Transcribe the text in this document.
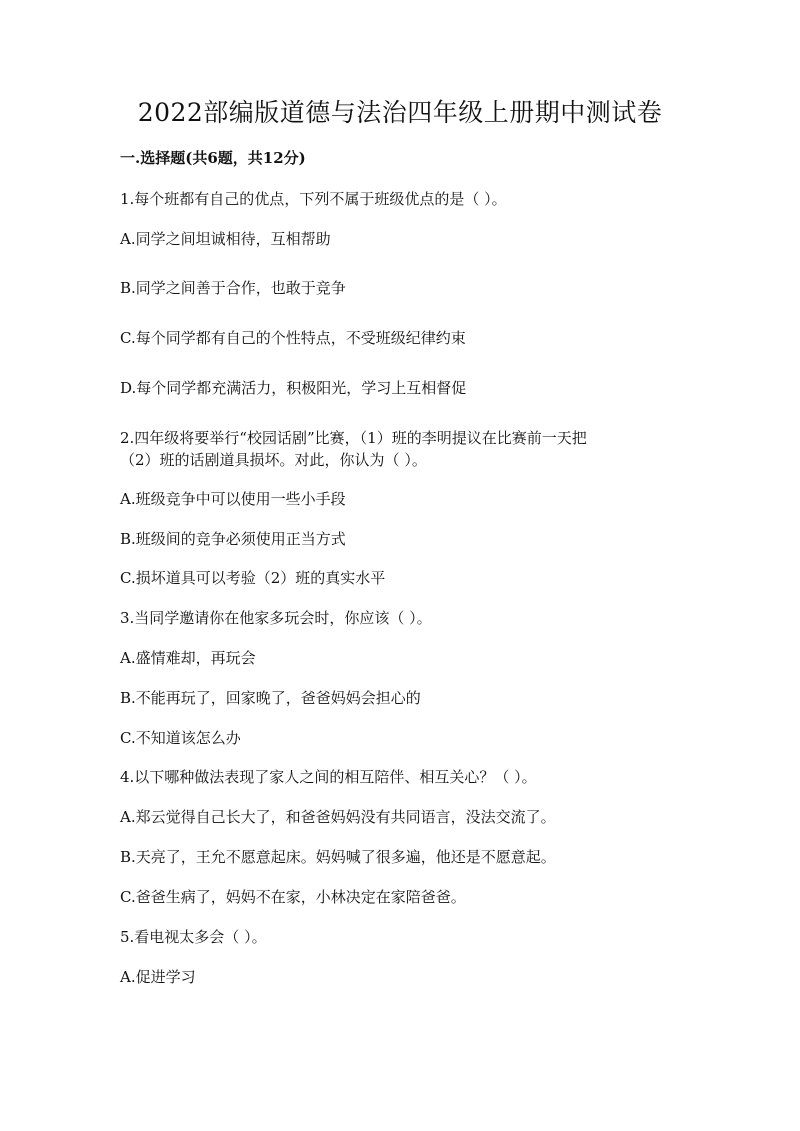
2022部编版道德与法治四年级上册期中测试卷
一.选择题(共6题，共12分)
1.每个班都有自己的优点，下列不属于班级优点的是（ ）。
A.同学之间坦诚相待，互相帮助
B.同学之间善于合作，也敢于竞争
C.每个同学都有自己的个性特点，不受班级纪律约束
D.每个同学都充满活力，积极阳光，学习上互相督促
2.四年级将要举行“校园话剧”比赛，（1）班的李明提议在比赛前一天把
（2）班的话剧道具损坏。对此，你认为（ ）。
A.班级竞争中可以使用一些小手段
B.班级间的竞争必须使用正当方式
C.损坏道具可以考验（2）班的真实水平
3.当同学邀请你在他家多玩会时，你应该（ ）。
A.盛情难却，再玩会
B.不能再玩了，回家晚了，爸爸妈妈会担心的
C.不知道该怎么办
4.以下哪种做法表现了家人之间的相互陪伴、相互关心？（ ）。
A.郑云觉得自己长大了，和爸爸妈妈没有共同语言，没法交流了。
B.天亮了，王允不愿意起床。妈妈喊了很多遍，他还是不愿意起。
C.爸爸生病了，妈妈不在家，小林决定在家陪爸爸。
5.看电视太多会（ ）。
A.促进学习
